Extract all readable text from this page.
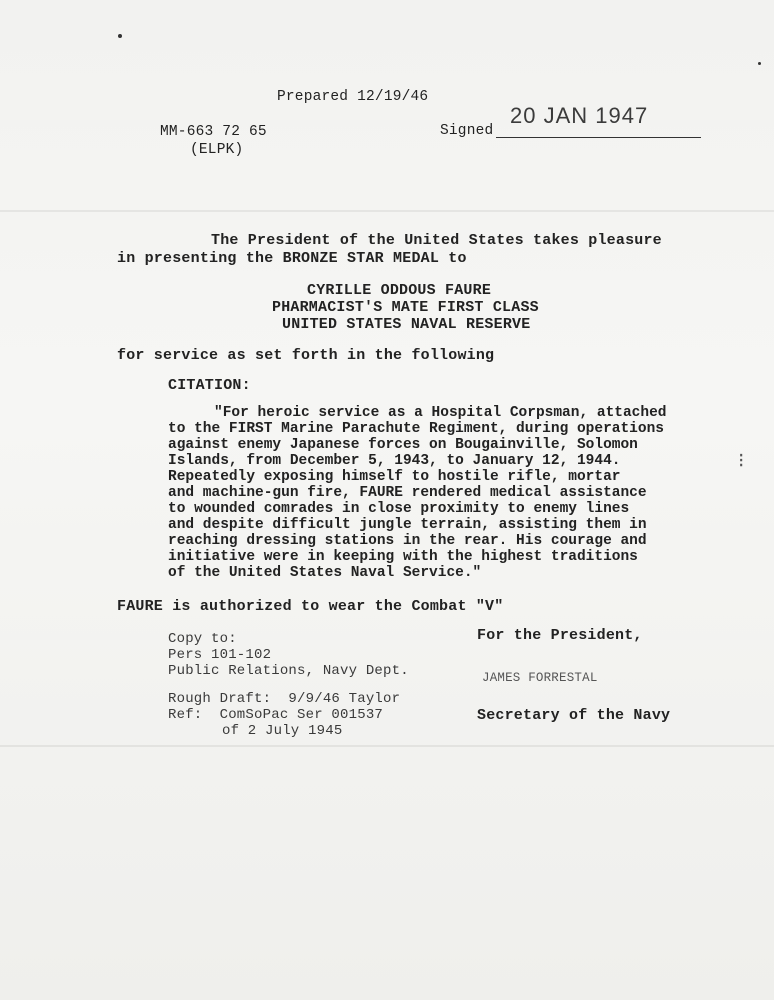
⁝
Prepared 12/19/46
MM-663 72 65
(ELPK)
Signed
20 JAN 1947
The President of the United States takes pleasure
in presenting the BRONZE STAR MEDAL to
CYRILLE ODDOUS FAURE
PHARMACIST'S MATE FIRST CLASS
UNITED STATES NAVAL RESERVE
for service as set forth in the following
CITATION:
"For heroic service as a Hospital Corpsman, attached
to the FIRST Marine Parachute Regiment, during operations
against enemy Japanese forces on Bougainville, Solomon
Islands, from December 5, 1943, to January 12, 1944.
Repeatedly exposing himself to hostile rifle, mortar
and machine-gun fire, FAURE rendered medical assistance
to wounded comrades in close proximity to enemy lines
and despite difficult jungle terrain, assisting them in
reaching dressing stations in the rear. His courage and
initiative were in keeping with the highest traditions
of the United States Naval Service."
FAURE is authorized to wear the Combat "V"
Copy to:
Pers 101-102
Public Relations, Navy Dept.
Rough Draft:  9/9/46 Taylor
Ref:  ComSoPac Ser 001537
of 2 July 1945
For the President,
JAMES FORRESTAL
Secretary of the Navy
